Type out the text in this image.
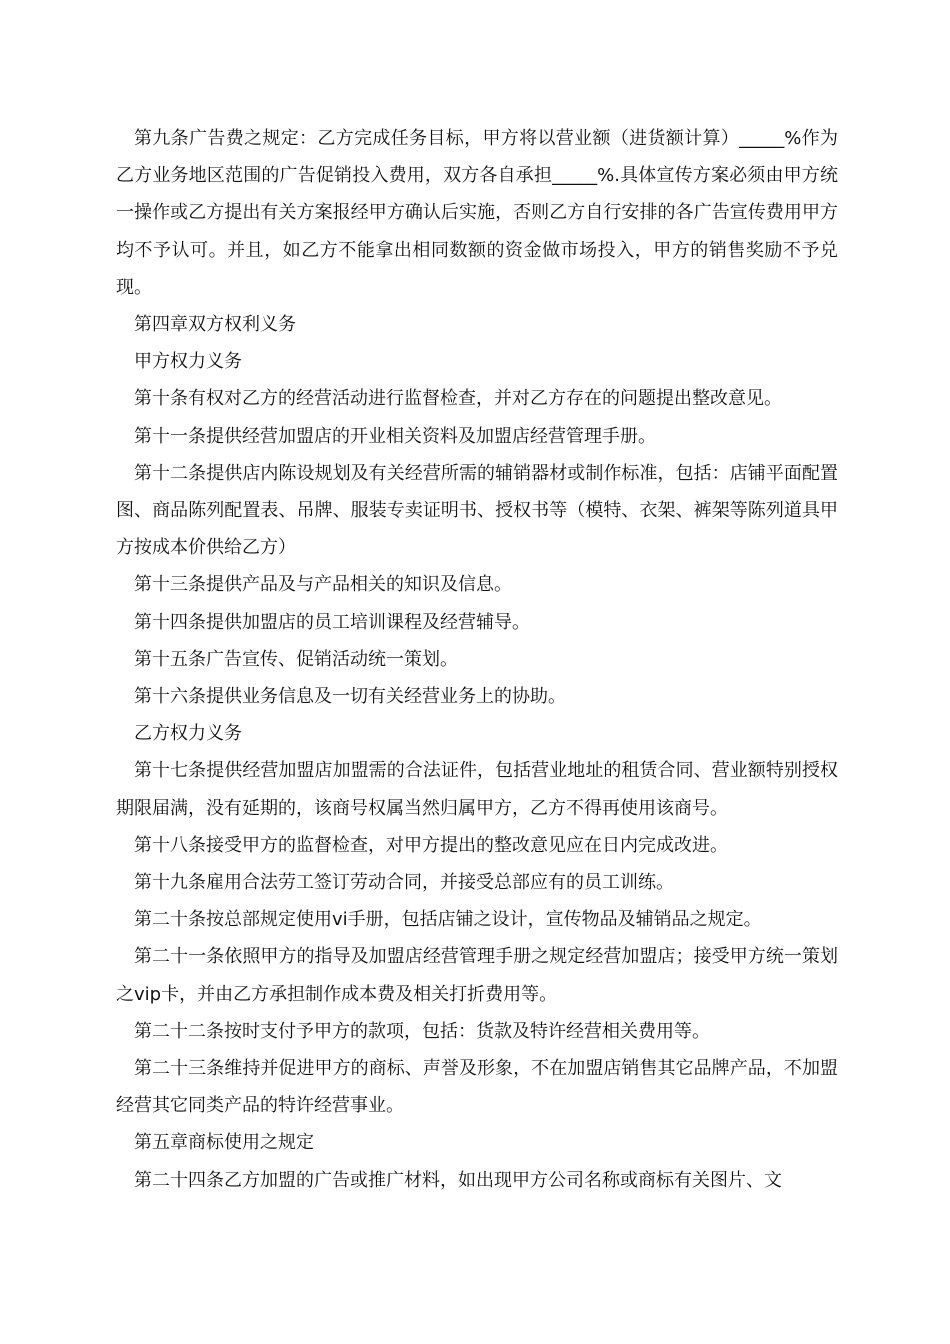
第九条广告费之规定：乙方完成任务目标，甲方将以营业额（进货额计算）_____%作为乙方业务地区范围的广告促销投入费用，双方各自承担_____%.具体宣传方案必须由甲方统一操作或乙方提出有关方案报经甲方确认后实施，否则乙方自行安排的各广告宣传费用甲方均不予认可。并且，如乙方不能拿出相同数额的资金做市场投入，甲方的销售奖励不予兑现。

第四章双方权利义务

甲方权力义务

第十条有权对乙方的经营活动进行监督检查，并对乙方存在的问题提出整改意见。

第十一条提供经营加盟店的开业相关资料及加盟店经营管理手册。

第十二条提供店内陈设规划及有关经营所需的辅销器材或制作标准，包括：店铺平面配置图、商品陈列配置表、吊牌、服装专卖证明书、授权书等（模特、衣架、裤架等陈列道具甲方按成本价供给乙方）

第十三条提供产品及与产品相关的知识及信息。

第十四条提供加盟店的员工培训课程及经营辅导。

第十五条广告宣传、促销活动统一策划。

第十六条提供业务信息及一切有关经营业务上的协助。

乙方权力义务

第十七条提供经营加盟店加盟需的合法证件，包括营业地址的租赁合同、营业额特别授权期限届满，没有延期的，该商号权属当然归属甲方，乙方不得再使用该商号。

第十八条接受甲方的监督检查，对甲方提出的整改意见应在日内完成改进。

第十九条雇用合法劳工签订劳动合同，并接受总部应有的员工训练。

第二十条按总部规定使用vi手册，包括店铺之设计，宣传物品及辅销品之规定。

第二十一条依照甲方的指导及加盟店经营管理手册之规定经营加盟店；接受甲方统一策划之vip卡，并由乙方承担制作成本费及相关打折费用等。

第二十二条按时支付予甲方的款项，包括：货款及特许经营相关费用等。

第二十三条维持并促进甲方的商标、声誉及形象，不在加盟店销售其它品牌产品，不加盟经营其它同类产品的特许经营事业。

第五章商标使用之规定

第二十四条乙方加盟的广告或推广材料，如出现甲方公司名称或商标有关图片、文
